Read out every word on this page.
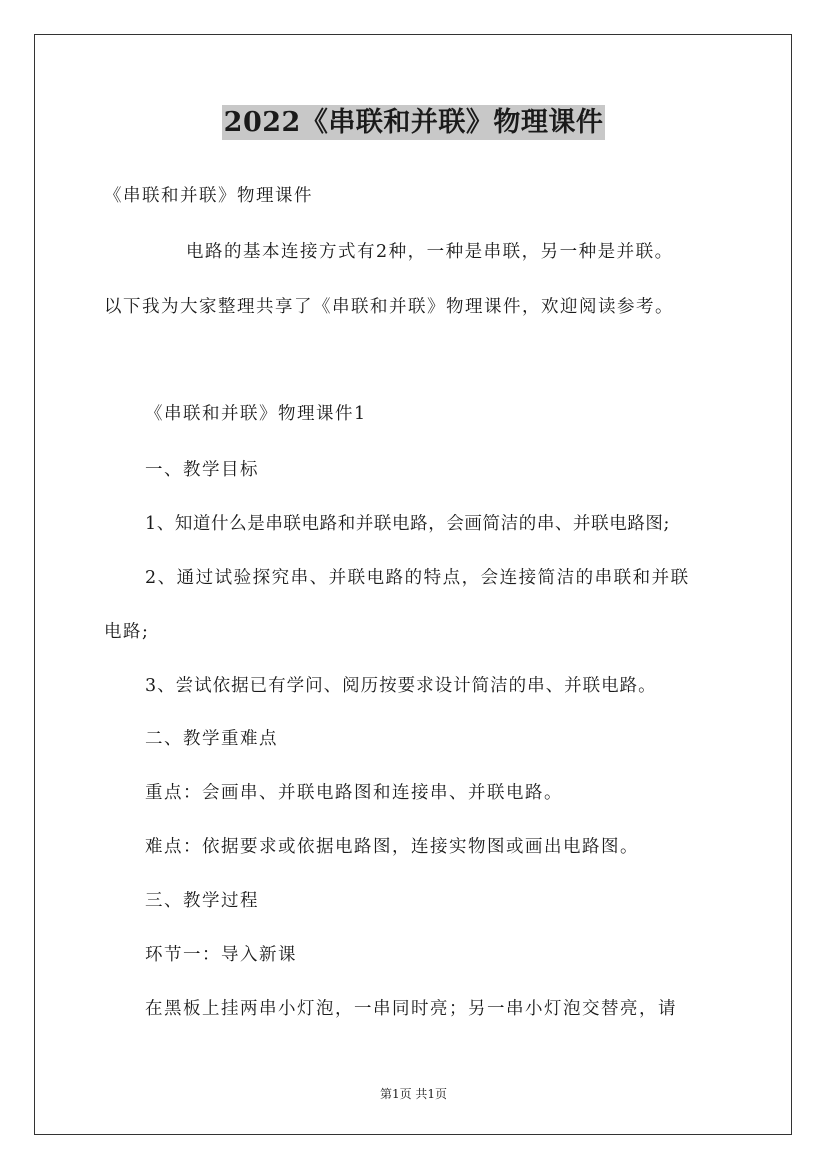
2022《串联和并联》物理课件
《串联和并联》物理课件
电路的基本连接方式有2种，一种是串联，另一种是并联。
以下我为大家整理共享了《串联和并联》物理课件，欢迎阅读参考。
《串联和并联》物理课件1
一、教学目标
1、知道什么是串联电路和并联电路，会画简洁的串、并联电路图;
2、通过试验探究串、并联电路的特点，会连接简洁的串联和并联
电路;
3、尝试依据已有学问、阅历按要求设计简洁的串、并联电路。
二、教学重难点
重点：会画串、并联电路图和连接串、并联电路。
难点：依据要求或依据电路图，连接实物图或画出电路图。
三、教学过程
环节一：导入新课
在黑板上挂两串小灯泡，一串同时亮；另一串小灯泡交替亮，请
第1页 共1页
